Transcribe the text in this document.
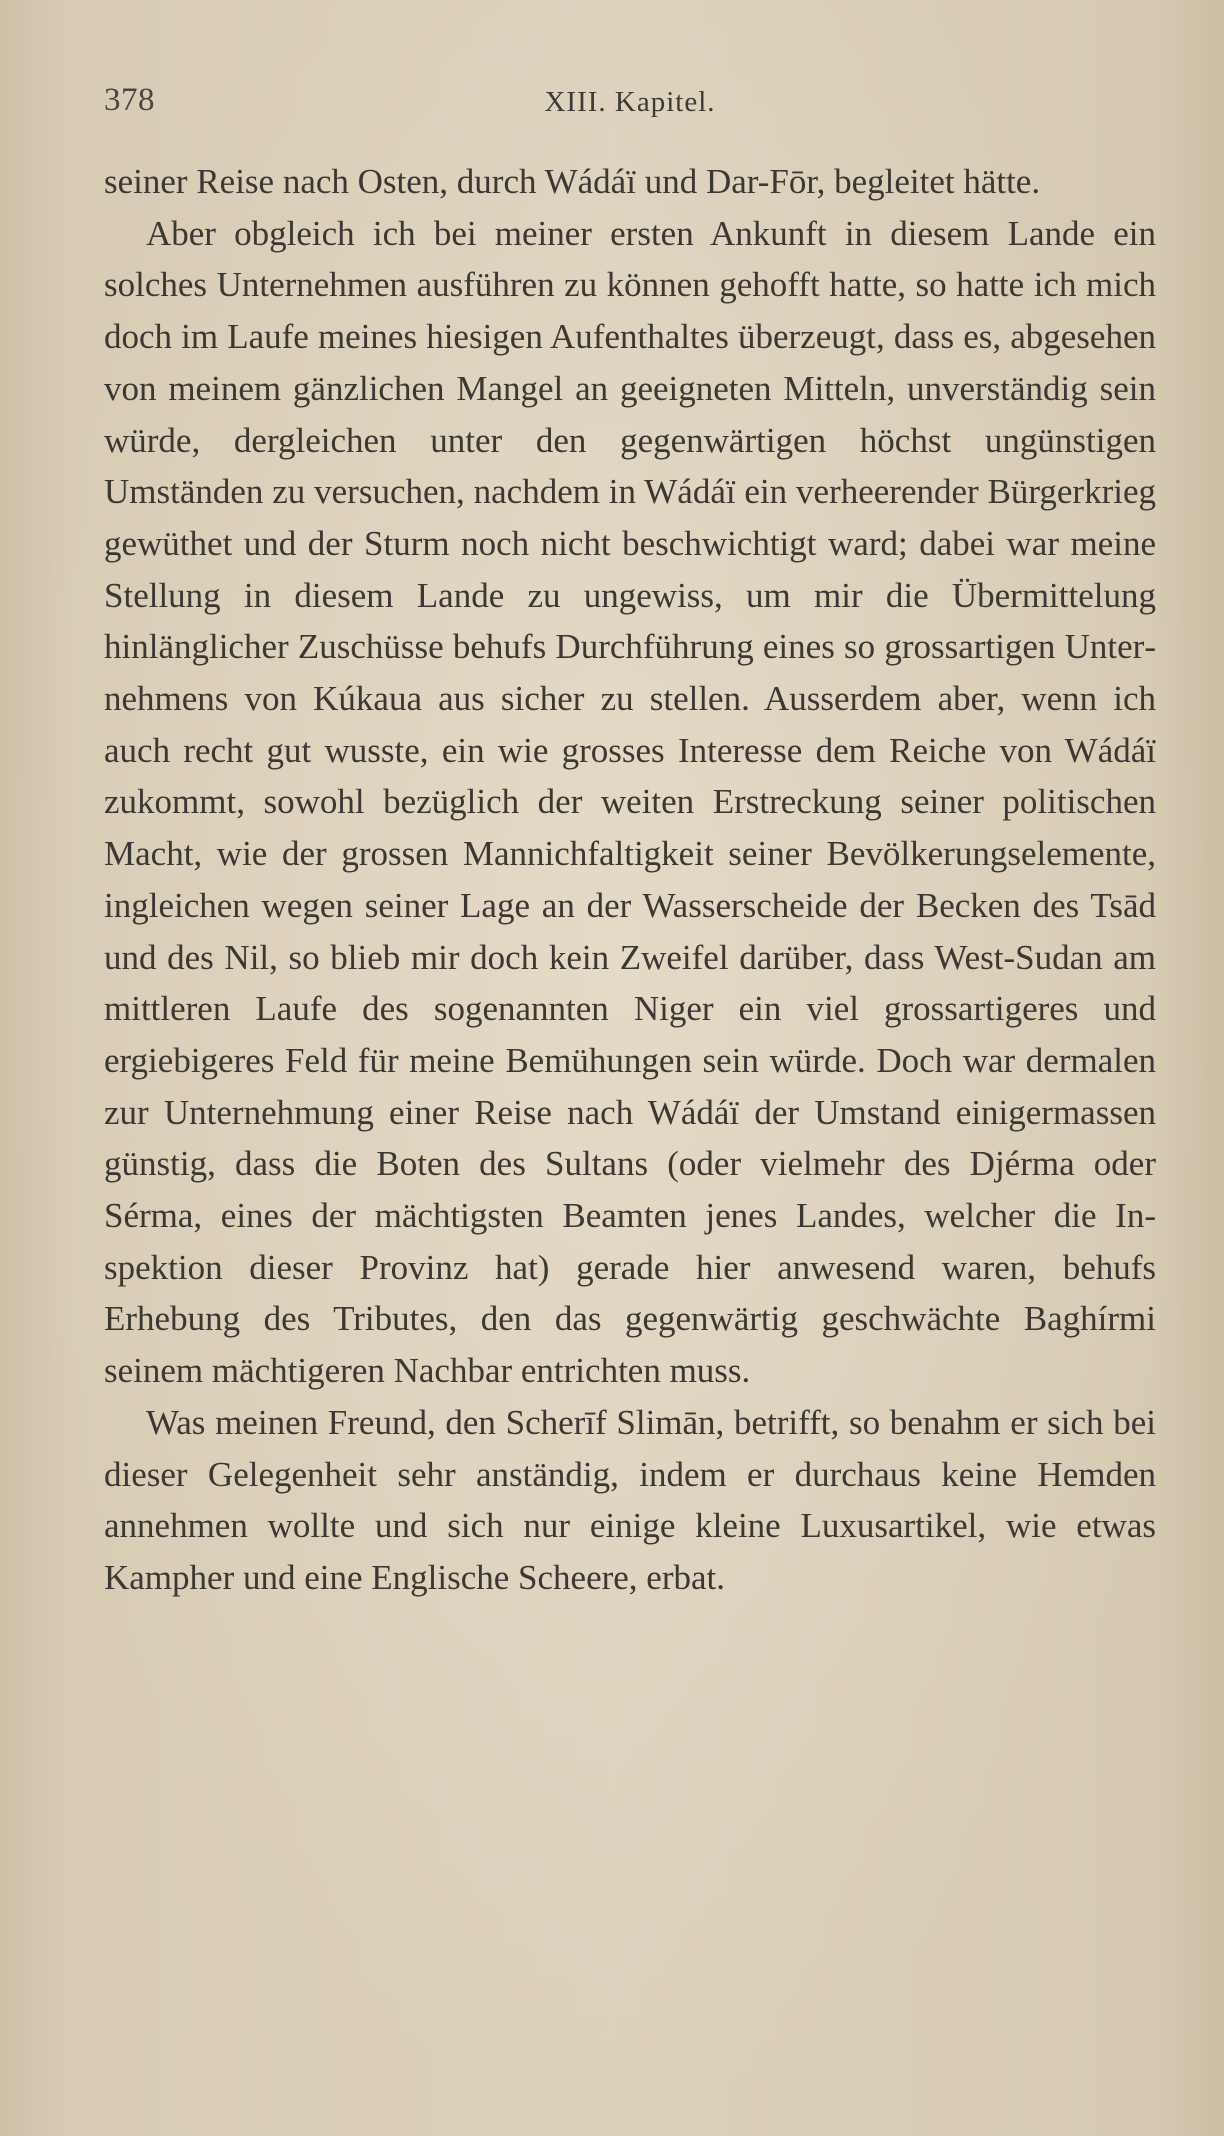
378	XIII. Kapitel.

seiner Reise nach Osten, durch Wádáï und Dar-Fōr, begleitet hätte.

Aber obgleich ich bei meiner ersten Ankunft in diesem Lande ein solches Unternehmen ausführen zu können gehofft hatte, so hatte ich mich doch im Laufe meines hiesigen Aufenthaltes überzeugt, dass es, abgesehen von meinem gänzlichen Mangel an geeigneten Mitteln, unverständig sein würde, dergleichen unter den gegenwärtigen höchst ungünstigen Umständen zu versuchen, nachdem in Wádáï ein verheerender Bürgerkrieg gewüthet und der Sturm noch nicht beschwichtigt ward; dabei war meine Stellung in diesem Lande zu ungewiss, um mir die Übermittelung hinlänglicher Zuschüsse behufs Durchführung eines so grossartigen Unternehmens von Kúkaua aus sicher zu stellen. Ausserdem aber, wenn ich auch recht gut wusste, ein wie grosses Interesse dem Reiche von Wádáï zukommt, sowohl bezüglich der weiten Erstreckung seiner politischen Macht, wie der grossen Mannichfaltigkeit seiner Bevölkerungselemente, ingleichen wegen seiner Lage an der Wasserscheide der Becken des Tsād und des Nil, so blieb mir doch kein Zweifel darüber, dass West-Sudan am mittleren Laufe des sogenannten Niger ein viel grossartigeres und ergiebigeres Feld für meine Bemühungen sein würde. Doch war dermalen zur Unternehmung einer Reise nach Wádáï der Umstand einigermassen günstig, dass die Boten des Sultans (oder vielmehr des Djérma oder Sérma, eines der mächtigsten Beamten jenes Landes, welcher die Inspektion dieser Provinz hat) gerade hier anwesend waren, behufs Erhebung des Tributes, den das gegenwärtig geschwächte Baghírmi seinem mächtigeren Nachbar entrichten muss.

Was meinen Freund, den Scherīf Slimān, betrifft, so benahm er sich bei dieser Gelegenheit sehr anständig, indem er durchaus keine Hemden annehmen wollte und sich nur einige kleine Luxusartikel, wie etwas Kampher und eine Englische Scheere, erbat.
